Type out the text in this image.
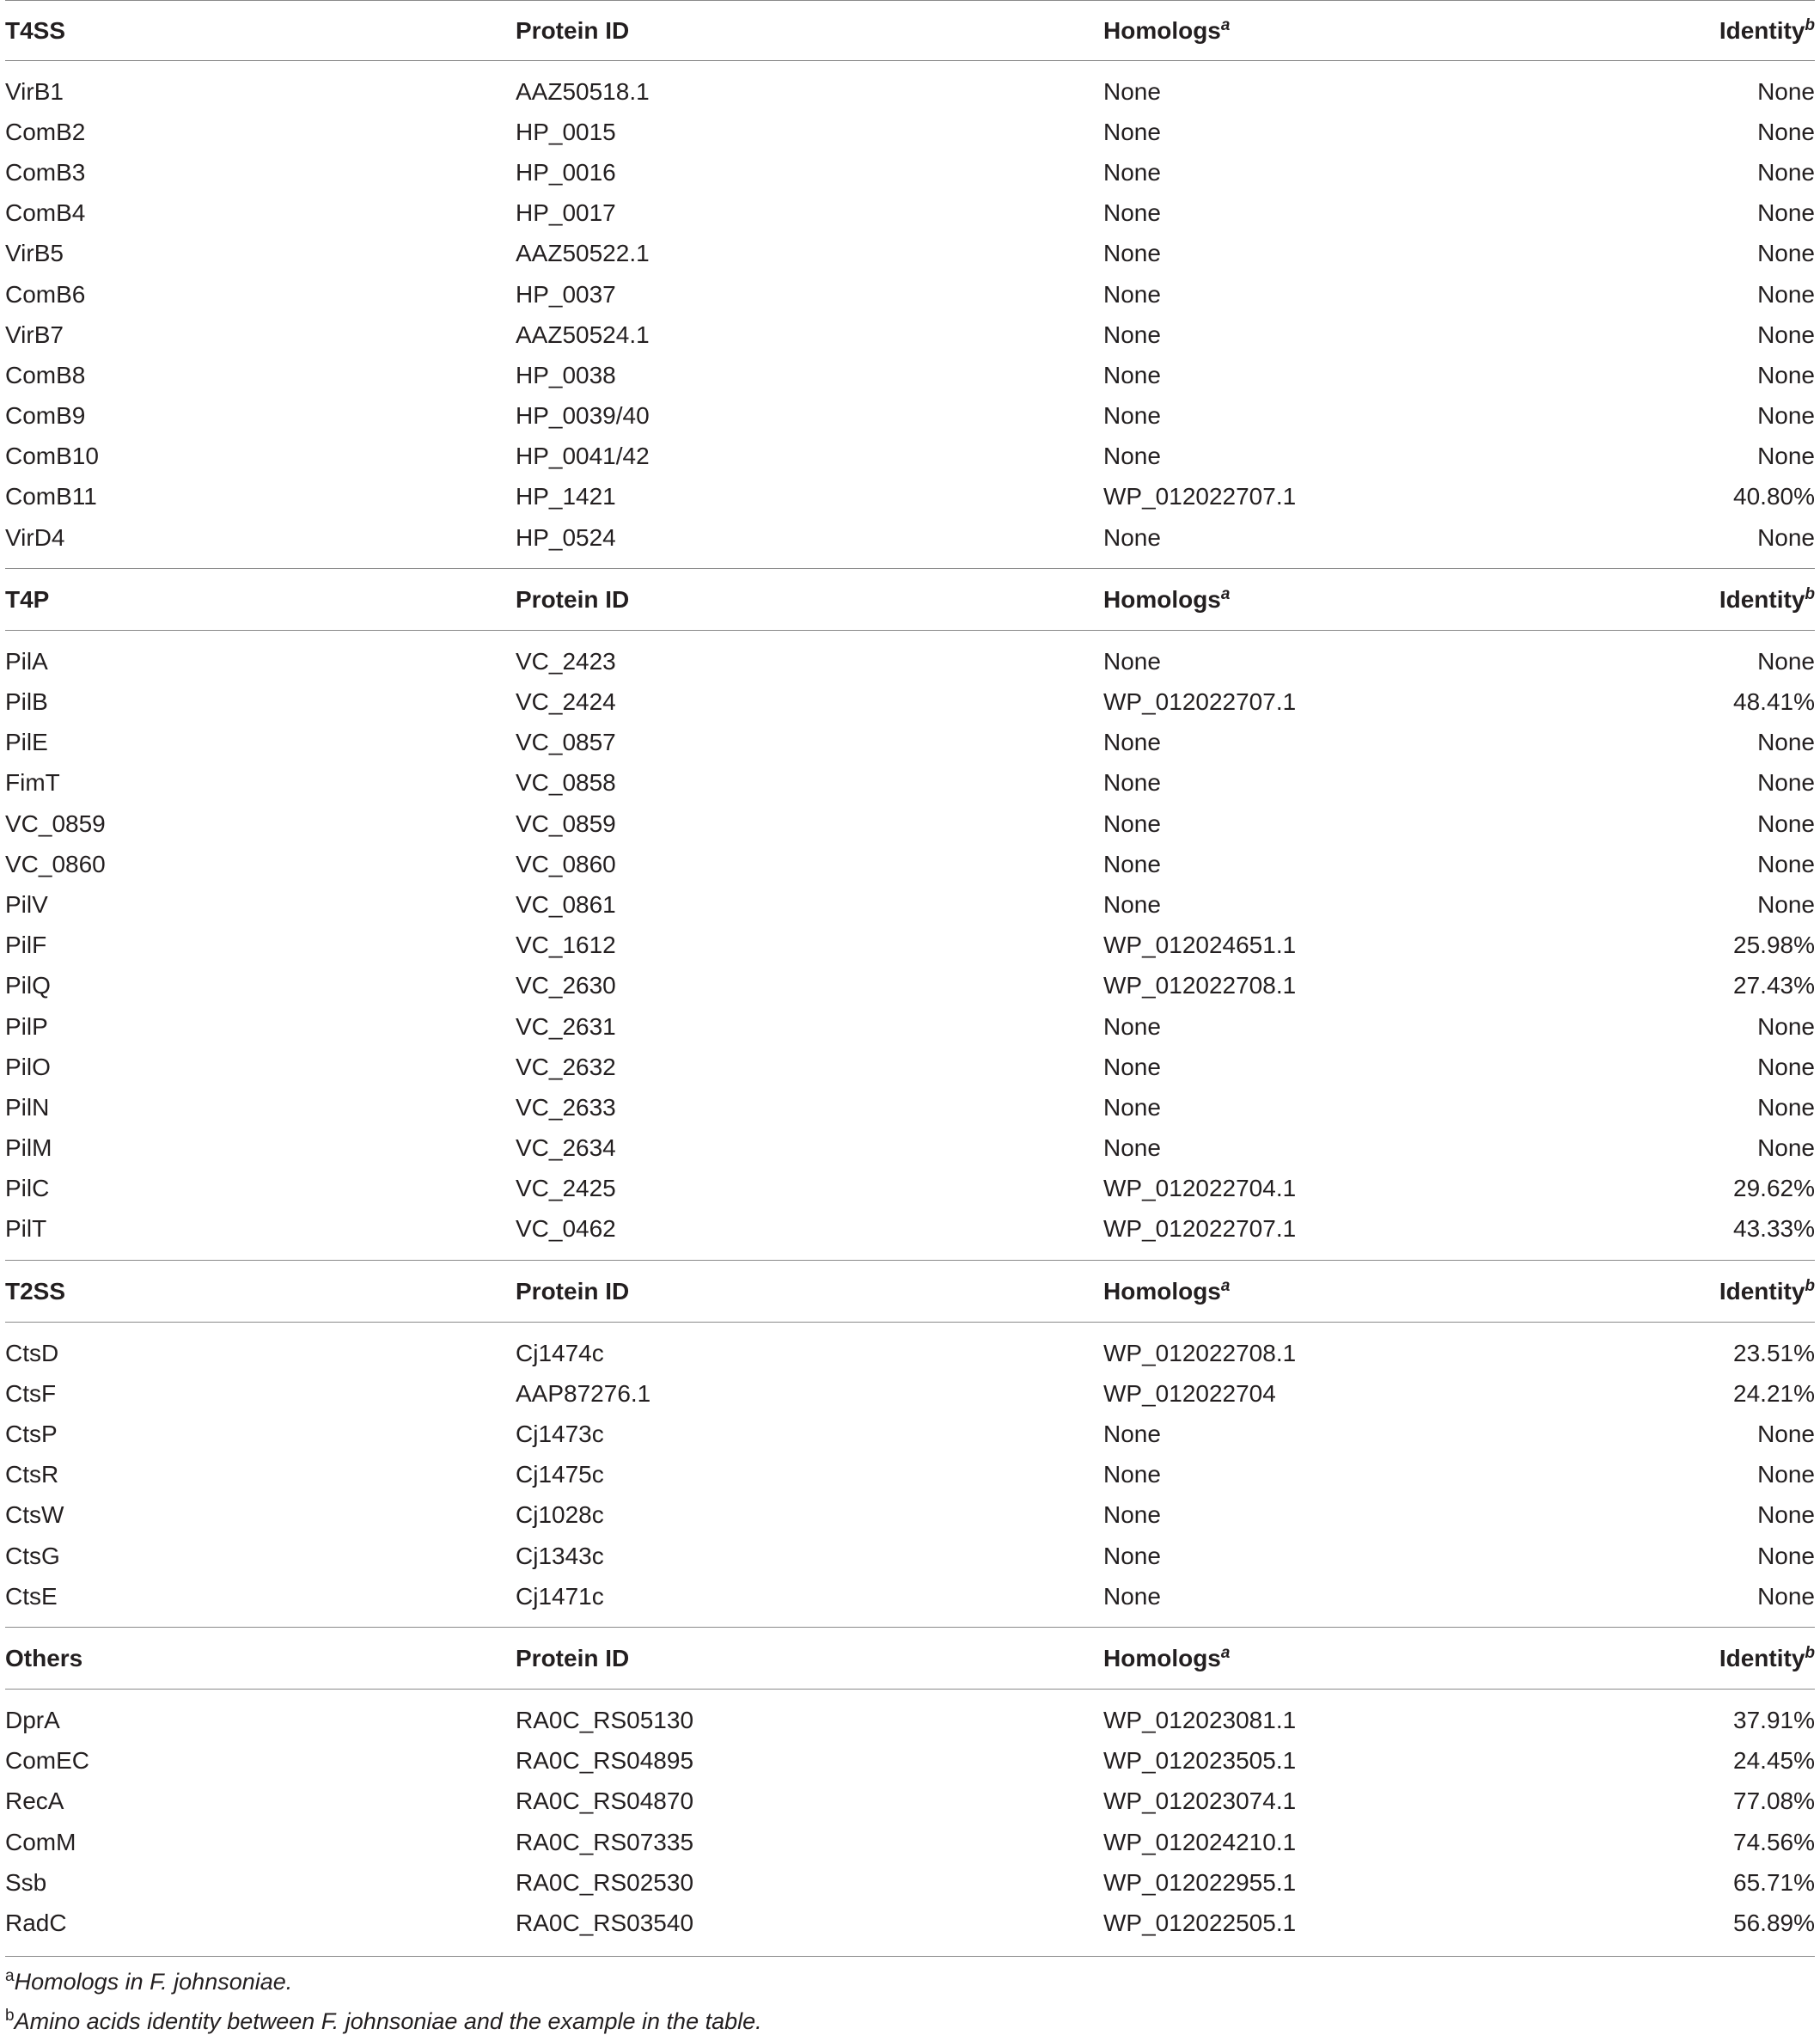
T4SS	Protein ID	Homologs$^a$	Identity$^b$

VirB1	AAZ50518.1	None	None
ComB2	HP_0015	None	None
ComB3	HP_0016	None	None
ComB4	HP_0017	None	None
VirB5	AAZ50522.1	None	None
ComB6	HP_0037	None	None
VirB7	AAZ50524.1	None	None
ComB8	HP_0038	None	None
ComB9	HP_0039/40	None	None
ComB10	HP_0041/42	None	None
ComB11	HP_1421	WP_012022707.1	40.80%
VirD4	HP_0524	None	None

T4P	Protein ID	Homologs$^a$	Identity$^b$

PilA	VC_2423	None	None
PilB	VC_2424	WP_012022707.1	48.41%
PilE	VC_0857	None	None
FimT	VC_0858	None	None
VC_0859	VC_0859	None	None
VC_0860	VC_0860	None	None
PilV	VC_0861	None	None
PilF	VC_1612	WP_012024651.1	25.98%
PilQ	VC_2630	WP_012022708.1	27.43%
PilP	VC_2631	None	None
PilO	VC_2632	None	None
PilN	VC_2633	None	None
PilM	VC_2634	None	None
PilC	VC_2425	WP_012022704.1	29.62%
PilT	VC_0462	WP_012022707.1	43.33%

T2SS	Protein ID	Homologs$^a$	Identity$^b$

CtsD	Cj1474c	WP_012022708.1	23.51%
CtsF	AAP87276.1	WP_012022704	24.21%
CtsP	Cj1473c	None	None
CtsR	Cj1475c	None	None
CtsW	Cj1028c	None	None
CtsG	Cj1343c	None	None
CtsE	Cj1471c	None	None

Others	Protein ID	Homologs$^a$	Identity$^b$

DprA	RA0C_RS05130	WP_012023081.1	37.91%
ComEC	RA0C_RS04895	WP_012023505.1	24.45%
RecA	RA0C_RS04870	WP_012023074.1	77.08%
ComM	RA0C_RS07335	WP_012024210.1	74.56%
Ssb	RA0C_RS02530	WP_012022955.1	65.71%
RadC	RA0C_RS03540	WP_012022505.1	56.89%

$^a$Homologs in F. johnsoniae.
$^b$Amino acids identity between F. johnsoniae and the example in the table.
